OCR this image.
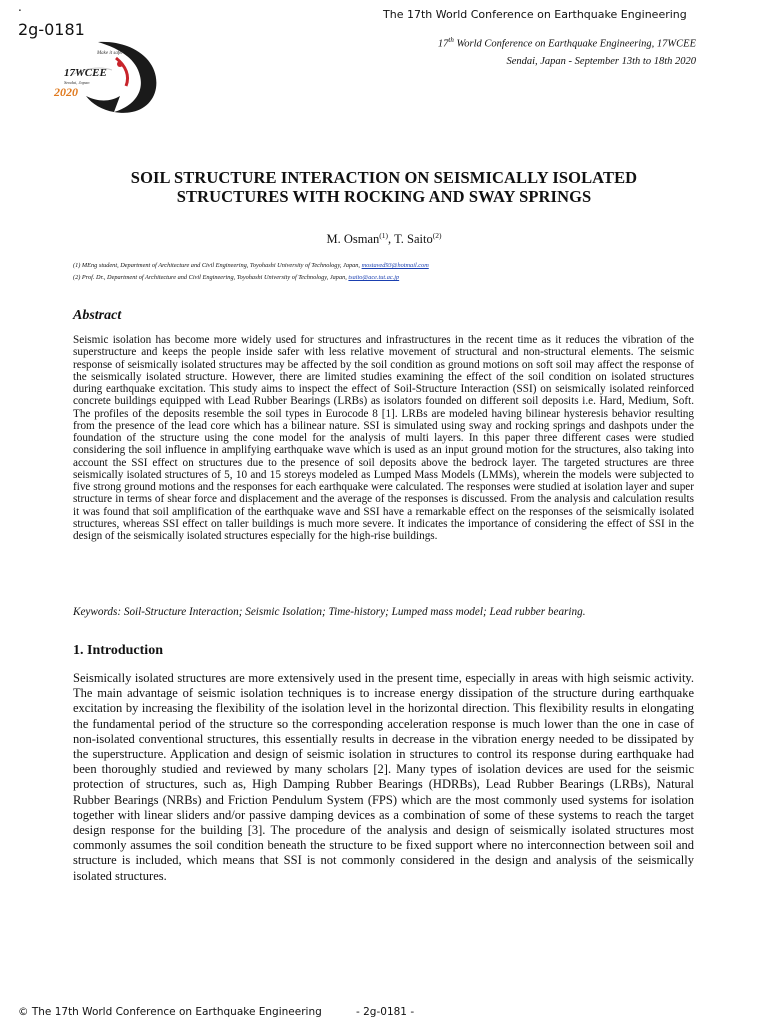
.
2g-0181
The 17th World Conference on Earthquake Engineering
17th World Conference on Earthquake Engineering, 17WCEE
Sendai, Japan - September 13th to 18th 2020
Make it safer
17WCEE
Sendai, Japan
2020
SOIL STRUCTURE INTERACTION ON SEISMICALLY ISOLATED
STRUCTURES WITH ROCKING AND SWAY SPRINGS
M. Osman$^{(1)}$, T. Saito$^{(2)}$
(1) MEng student, Department of Architecture and Civil Engineering, Toyohashi University of Technology, Japan, mostaved93@hotmail.com
(2) Prof. Dr., Department of Architecture and Civil Engineering, Toyohashi University of Technology, Japan, tsaito@ace.tut.ac.jp
Abstract

Seismic isolation has become more widely used for structures and infrastructures in the recent time as it reduces the vibration of the superstructure and keeps the people inside safer with less relative movement of structural and non-structural elements. The seismic response of seismically isolated structures may be affected by the soil condition as ground motions on soft soil may affect the response of the seismically isolated structure. However, there are limited studies examining the effect of the soil condition on isolated structures during earthquake excitation. This study aims to inspect the effect of Soil-Structure Interaction (SSI) on seismically isolated reinforced concrete buildings equipped with Lead Rubber Bearings (LRBs) as isolators founded on different soil deposits i.e. Hard, Medium, Soft. The profiles of the deposits resemble the soil types in Eurocode 8 [1]. LRBs are modeled having bilinear hysteresis behavior resulting from the presence of the lead core which has a bilinear nature. SSI is simulated using sway and rocking springs and dashpots under the foundation of the structure using the cone model for the analysis of multi layers. In this paper three different cases were studied considering the soil influence in amplifying earthquake wave which is used as an input ground motion for the structures, also taking into account the SSI effect on structures due to the presence of soil deposits above the bedrock layer. The targeted structures are three seismically isolated structures of 5, 10 and 15 storeys modeled as Lumped Mass Models (LMMs), wherein the models were subjected to five strong ground motions and the responses for each earthquake were calculated. The responses were studied at isolation layer and super structure in terms of shear force and displacement and the average of the responses is discussed. From the analysis and calculation results it was found that soil amplification of the earthquake wave and SSI have a remarkable effect on the responses of the seismically isolated structures, whereas SSI effect on taller buildings is much more severe. It indicates the importance of considering the effect of SSI in the design of the seismically isolated structures especially for the high-rise buildings.

Keywords: Soil-Structure Interaction; Seismic Isolation; Time-history; Lumped mass model; Lead rubber bearing.
1. Introduction

Seismically isolated structures are more extensively used in the present time, especially in areas with high seismic activity. The main advantage of seismic isolation techniques is to increase energy dissipation of the structure during earthquake excitation by increasing the flexibility of the isolation level in the horizontal direction. This flexibility results in elongating the fundamental period of the structure so the corresponding acceleration response is much lower than the one in case of non-isolated conventional structures, this essentially results in decrease in the vibration energy needed to be dissipated by the superstructure. Application and design of seismic isolation in structures to control its response during earthquake had been thoroughly studied and reviewed by many scholars [2]. Many types of isolation devices are used for the seismic protection of structures, such as, High Damping Rubber Bearings (HDRBs), Lead Rubber Bearings (LRBs), Natural Rubber Bearings (NRBs) and Friction Pendulum System (FPS) which are the most commonly used systems for isolation together with linear sliders and/or passive damping devices as a combination of some of these systems to reach the target design response for the building [3]. The procedure of the analysis and design of seismically isolated structures most commonly assumes the soil condition beneath the structure to be fixed support where no interconnection between soil and structure is included, which means that SSI is not commonly considered in the design and analysis of the seismically isolated structures.

© The 17th World Conference on Earthquake Engineering	- 2g-0181 -
